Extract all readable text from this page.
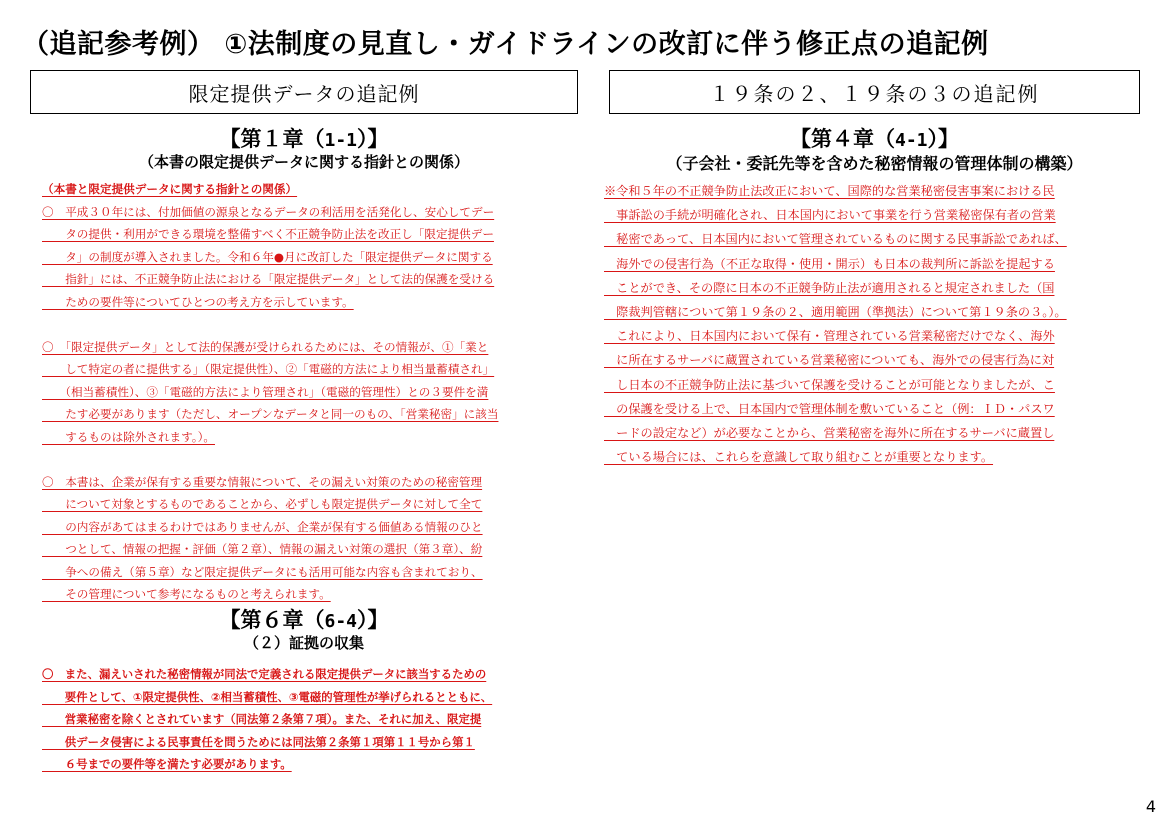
（追記参考例） ①法制度の見直し・ガイドラインの改訂に伴う修正点の追記例
限定提供データの追記例
【第１章（1-1）】
（本書の限定提供データに関する指針との関係）
（本書と限定提供データに関する指針との関係）
〇　平成３０年には、付加価値の源泉となるデータの利活用を活発化し、安心してデー
　　タの提供・利用ができる環境を整備すべく不正競争防止法を改正し「限定提供デー
　　タ」の制度が導入されました。令和６年●月に改訂した「限定提供データに関する
　　指針」には、不正競争防止法における「限定提供データ」として法的保護を受ける
　　ための要件等についてひとつの考え方を示しています。

〇　「限定提供データ」として法的保護が受けられるためには、その情報が、①「業と
　　して特定の者に提供する」（限定提供性）、②「電磁的方法により相当量蓄積され」
　　（相当蓄積性）、③「電磁的方法により管理され」（電磁的管理性）との３要件を満
　　たす必要があります（ただし、オープンなデータと同一のもの、「営業秘密」に該当
　　するものは除外されます。）。

〇　本書は、企業が保有する重要な情報について、その漏えい対策のための秘密管理
　　について対象とするものであることから、必ずしも限定提供データに対して全て
　　の内容があてはまるわけではありませんが、企業が保有する価値ある情報のひと
　　つとして、情報の把握・評価（第２章）、情報の漏えい対策の選択（第３章）、紛
　　争への備え（第５章）など限定提供データにも活用可能な内容も含まれており、
　　その管理について参考になるものと考えられます。
【第６章（6-4）】
（２）証拠の収集
〇　また、漏えいされた秘密情報が同法で定義される限定提供データに該当するための
　　要件として、①限定提供性、②相当蓄積性、③電磁的管理性が挙げられるとともに、
　　営業秘密を除くとされています（同法第２条第７項）。また、それに加え、限定提
　　供データ侵害による民事責任を問うためには同法第２条第１項第１１号から第１
　　６号までの要件等を満たす必要があります。
１９条の２、１９条の３の追記例
【第４章（4-1）】
（子会社・委託先等を含めた秘密情報の管理体制の構築）
※令和５年の不正競争防止法改正において、国際的な営業秘密侵害事案における民
　事訴訟の手続が明確化され、日本国内において事業を行う営業秘密保有者の営業
　秘密であって、日本国内において管理されているものに関する民事訴訟であれば、
　海外での侵害行為（不正な取得・使用・開示）も日本の裁判所に訴訟を提起する
　ことができ、その際に日本の不正競争防止法が適用されると規定されました（国
　際裁判管轄について第１９条の２、適用範囲（準拠法）について第１９条の３。）。
　これにより、日本国内において保有・管理されている営業秘密だけでなく、海外
　に所在するサーバに蔵置されている営業秘密についても、海外での侵害行為に対
　し日本の不正競争防止法に基づいて保護を受けることが可能となりましたが、こ
　の保護を受ける上で、日本国内で管理体制を敷いていること（例：ＩＤ・パスワ
　ードの設定など）が必要なことから、営業秘密を海外に所在するサーバに蔵置し
　ている場合には、これらを意識して取り組むことが重要となります。
4
